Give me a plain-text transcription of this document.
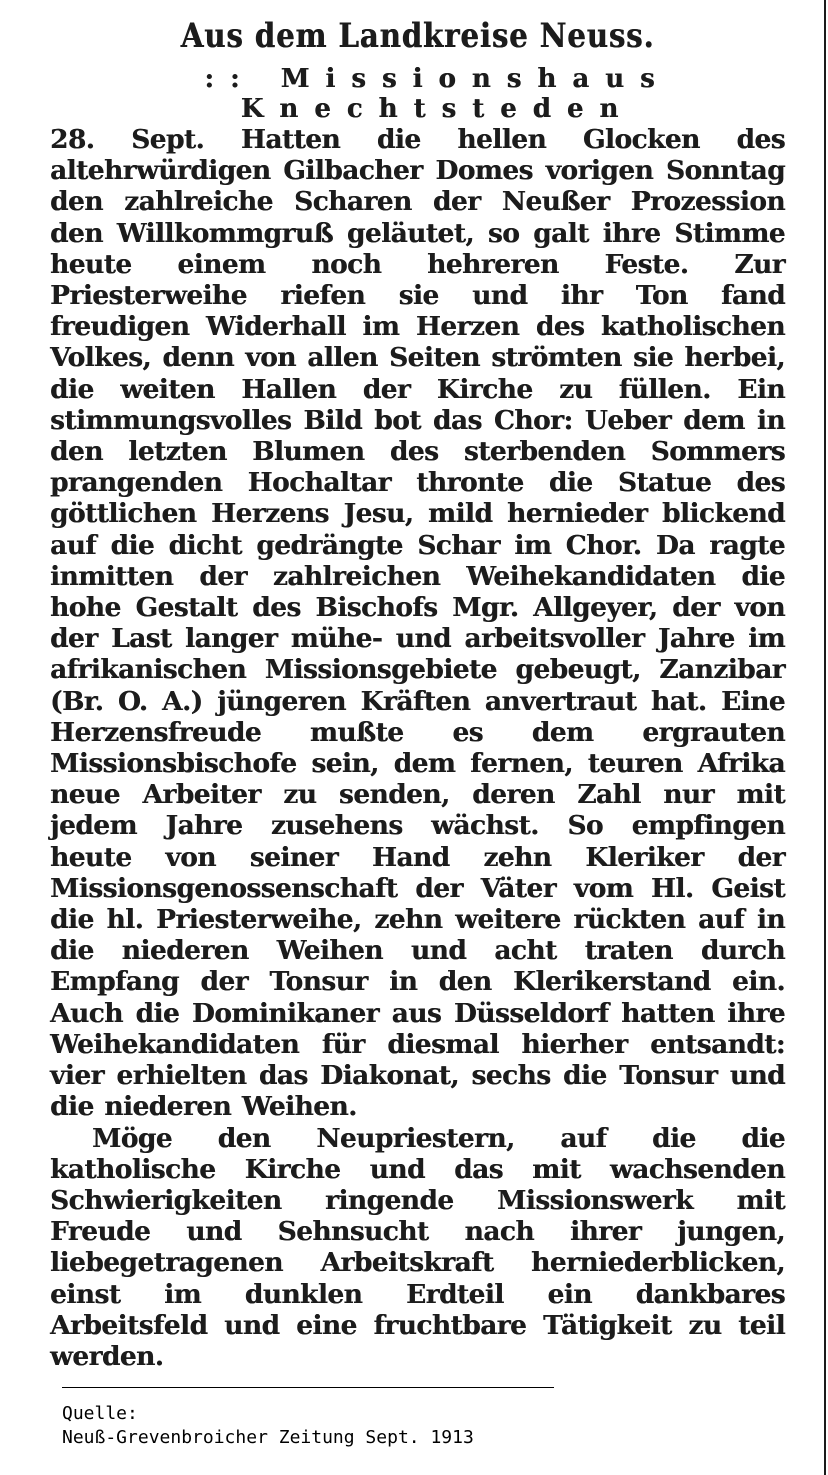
Aus dem Landkreise Neuss.
:: Missionshaus Knechtsteden

28. Sept. Hatten die hellen Glocken des altehrwürdigen Gilbacher Domes vorigen Sonntag den zahlreiche Scharen der Neußer Prozession den Willkommgruß geläutet, so galt ihre Stimme heute einem noch hehreren Feste. Zur Priesterweihe riefen sie und ihr Ton fand freudigen Widerhall im Herzen des katholischen Volkes, denn von allen Seiten strömten sie herbei, die weiten Hallen der Kirche zu füllen. Ein stimmungsvolles Bild bot das Chor: Ueber dem in den letzten Blumen des sterbenden Sommers prangenden Hochaltar thronte die Statue des göttlichen Herzens Jesu, mild hernieder blickend auf die dicht gedrängte Schar im Chor. Da ragte inmitten der zahlreichen Weihekandidaten die hohe Gestalt des Bischofs Mgr. Allgeyer, der von der Last langer mühe- und arbeitsvoller Jahre im afrikanischen Missionsgebiete gebeugt, Zanzibar (Br. O. A.) jüngeren Kräften anvertraut hat. Eine Herzensfreude mußte es dem ergrauten Missionsbischofe sein, dem fernen, teuren Afrika neue Arbeiter zu senden, deren Zahl nur mit jedem Jahre zusehens wächst. So empfingen heute von seiner Hand zehn Kleriker der Missionsgenossenschaft der Väter vom Hl. Geist die hl. Priesterweihe, zehn weitere rückten auf in die niederen Weihen und acht traten durch Empfang der Tonsur in den Klerikerstand ein. Auch die Dominikaner aus Düsseldorf hatten ihre Weihekandidaten für diesmal hierher entsandt: vier erhielten das Diakonat, sechs die Tonsur und die niederen Weihen.

Möge den Neupriestern, auf die die katholische Kirche und das mit wachsenden Schwierigkeiten ringende Missionswerk mit Freude und Sehnsucht nach ihrer jungen, liebegetragenen Arbeitskraft herniederblicken, einst im dunklen Erdteil ein dankbares Arbeitsfeld und eine fruchtbare Tätigkeit zu teil werden.

Quelle:
Neuß-Grevenbroicher Zeitung Sept. 1913
